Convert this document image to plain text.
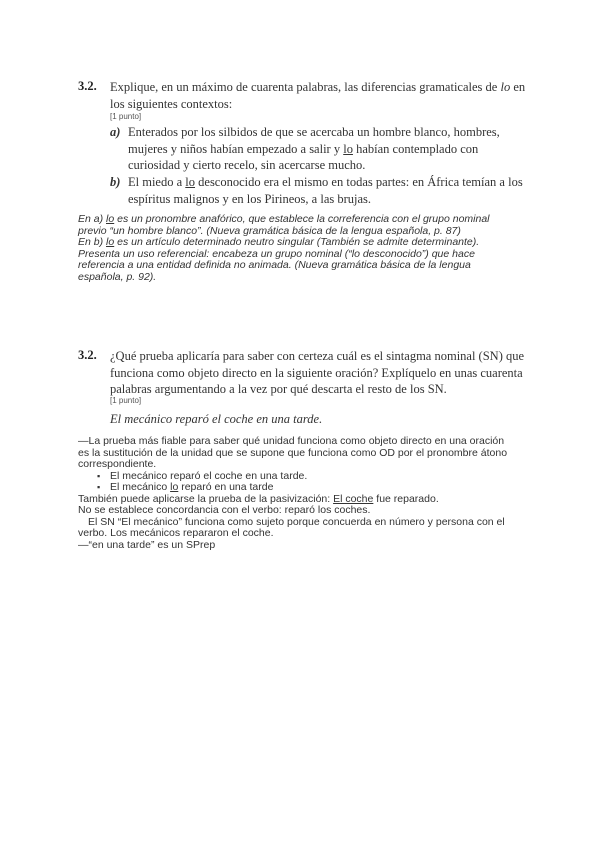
3.2. Explique, en un máximo de cuarenta palabras, las diferencias gramaticales de lo en los siguientes contextos:
[1 punto]
a) Enterados por los silbidos de que se acercaba un hombre blanco, hombres, mujeres y niños habían empezado a salir y lo habían contemplado con curiosidad y cierto recelo, sin acercarse mucho.
b) El miedo a lo desconocido era el mismo en todas partes: en África temían a los espíritus malignos y en los Pirineos, a las brujas.
En a) lo es un pronombre anafórico, que establece la correferencia con el grupo nominal previo “un hombre blanco”. (Nueva gramática básica de la lengua española, p. 87)
En b) lo es un artículo determinado neutro singular (También se admite determinante). Presenta un uso referencial: encabeza un grupo nominal (“lo desconocido”) que hace referencia a una entidad definida no animada. (Nueva gramática básica de la lengua española, p. 92).
3.2. ¿Qué prueba aplicaría para saber con certeza cuál es el sintagma nominal (SN) que funciona como objeto directo en la siguiente oración? Explíquelo en unas cuarenta palabras argumentando a la vez por qué descarta el resto de los SN.
[1 punto]
El mecánico reparó el coche en una tarde.
—La prueba más fiable para saber qué unidad funciona como objeto directo en una oración es la sustitución de la unidad que se supone que funciona como OD por el pronombre átono correspondiente.
▪ El mecánico reparó el coche en una tarde.
▪ El mecánico lo reparó en una tarde
También puede aplicarse la prueba de la pasivización: El coche fue reparado.
No se establece concordancia con el verbo: reparó los coches.
El SN “El mecánico” funciona como sujeto porque concuerda en número y persona con el verbo. Los mecánicos repararon el coche.
—“en una tarde” es un SPrep
